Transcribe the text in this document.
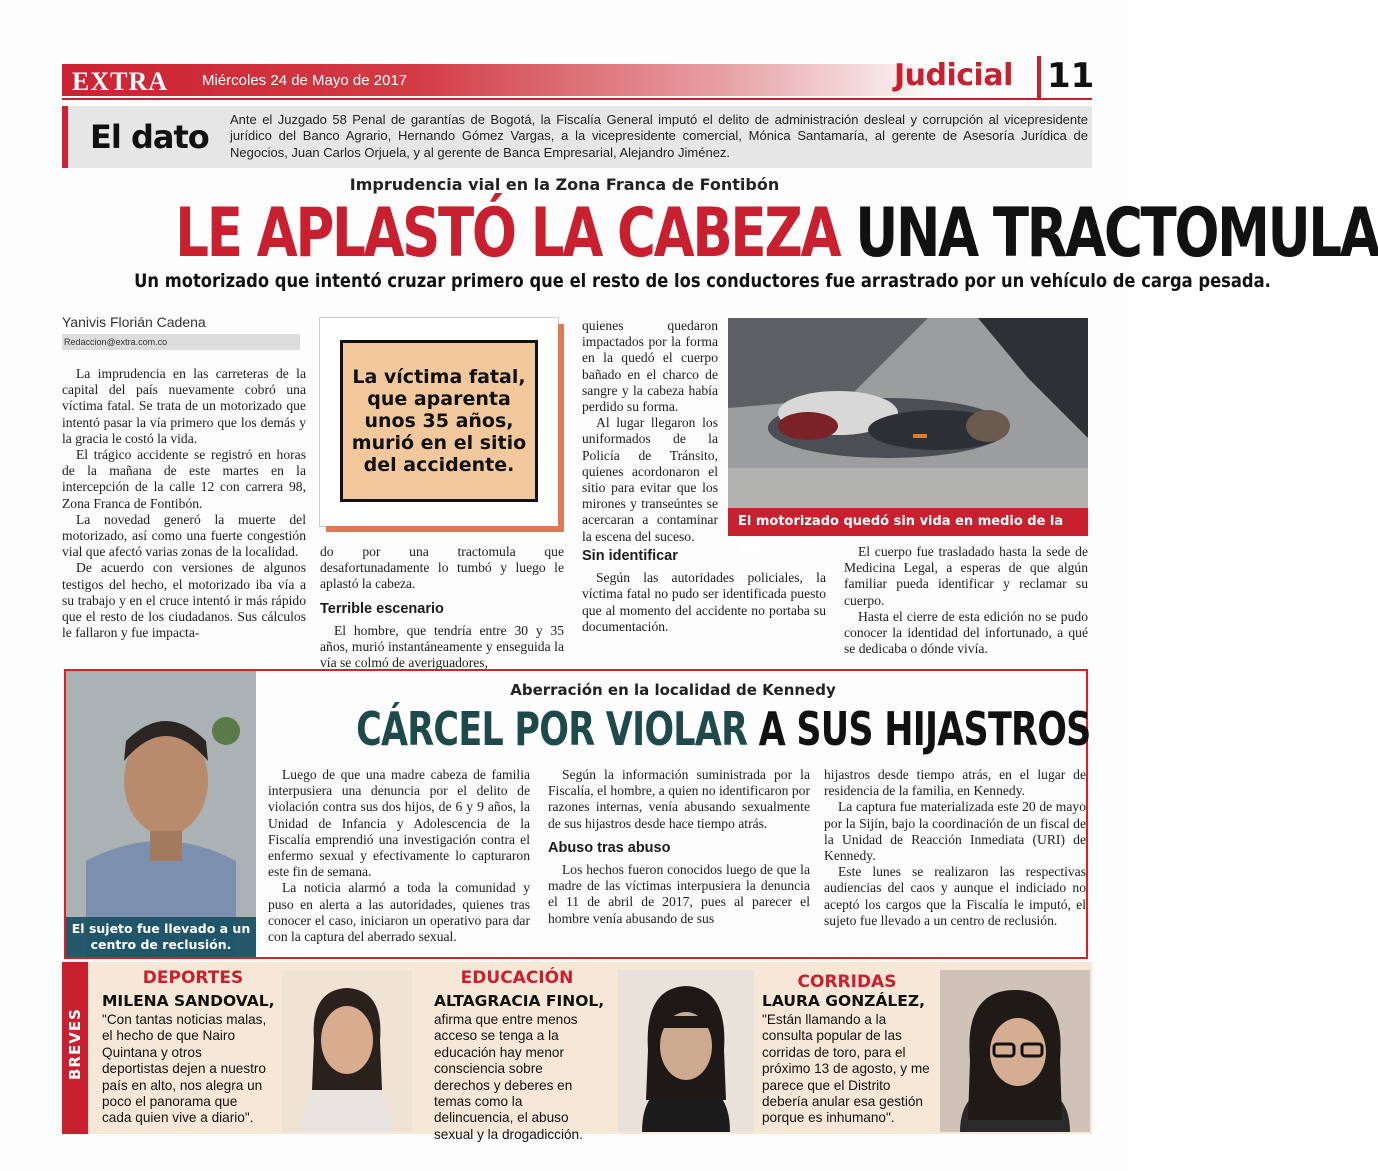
EXTRA Miércoles 24 de Mayo de 2017	Judicial 11
El dato Ante el Juzgado 58 Penal de garantías de Bogotá, la Fiscalía General imputó el delito de administración desleal y corrupción al vicepresidente jurídico del Banco Agrario, Hernando Gómez Vargas, a la vicepresidente comercial, Mónica Santamaría, al gerente de Asesoría Jurídica de Negocios, Juan Carlos Orjuela, y al gerente de Banca Empresarial, Alejandro Jiménez.

Imprudencia vial en la Zona Franca de Fontibón
LE APLASTÓ LA CABEZA UNA TRACTOMULA
Un motorizado que intentó cruzar primero que el resto de los conductores fue arrastrado por un vehículo de carga pesada.
Yanivis Florián Cadena
Redaccion@extra.com.co

La imprudencia en las carreteras de la capital del país nuevamente cobró una víctima fatal. Se trata de un motorizado que intentó pasar la vía primero que los demás y la gracia le costó la vida.

El trágico accidente se registró en horas de la mañana de este martes en la intercepción de la calle 12 con carrera 98, Zona Franca de Fontibón.

La novedad generó la muerte del motorizado, así como una fuerte congestión vial que afectó varias zonas de la localidad.

De acuerdo con versiones de algunos testigos del hecho, el motorizado iba vía a su trabajo y en el cruce intentó ir más rápido que el resto de los ciudadanos. Sus cálculos le fallaron y fue impacta-

La víctima fatal, que aparenta unos 35 años, murió en el sitio del accidente.

do por una tractomula que desafortunadamente lo tumbó y luego le aplastó la cabeza.

Terrible escenario

El hombre, que tendría entre 30 y 35 años, murió instantáneamente y enseguida la vía se colmó de averiguadores,

quienes quedaron impactados por la forma en la quedó el cuerpo bañado en el charco de sangre y la cabeza había perdido su forma.

Al lugar llegaron los uniformados de la Policía de Tránsito, quienes acordonaron el sitio para evitar que los mirones y transeúntes se acercaran a contaminar la escena del suceso.

Sin identificar

Según las autoridades policiales, la víctima fatal no pudo ser identificada puesto que al momento del accidente no portaba su documentación.

El motorizado quedó sin vida en medio de la vía.	El cuerpo fue trasladado hasta la sede de Medicina Legal, a esperas de que algún familiar pueda identificar y reclamar su cuerpo.

Hasta el cierre de esta edición no se pudo conocer la identidad del infortunado, a qué se dedicaba o dónde vivía.

El sujeto fue llevado a un centro de reclusión.
Aberración en la localidad de Kennedy
CÁRCEL POR VIOLAR A SUS HIJASTROS

Luego de que una madre cabeza de familia interpusiera una denuncia por el delito de violación contra sus dos hijos, de 6 y 9 años, la Unidad de Infancia y Adolescencia de la Fiscalía emprendió una investigación contra el enfermo sexual y efectivamente lo capturaron este fin de semana.

La noticia alarmó a toda la comunidad y puso en alerta a las autoridades, quienes tras conocer el caso, iniciaron un operativo para dar con la captura del aberrado sexual.

Según la información suministrada por la Fiscalía, el hombre, a quien no identificaron por razones internas, venía abusando sexualmente de sus hijastros desde hace tiempo atrás.

Abuso tras abuso

Los hechos fueron conocidos luego de que la madre de las víctimas interpusiera la denuncia el 11 de abril de 2017, pues al parecer el hombre venía abusando de sus

hijastros desde tiempo atrás, en el lugar de residencia de la familia, en Kennedy.

La captura fue materializada este 20 de mayo por la Sijín, bajo la coordinación de un fiscal de la Unidad de Reacción Inmediata (URI) de Kennedy.

Este lunes se realizaron las respectivas audiencias del caos y aunque el indiciado no aceptó los cargos que la Fiscalía le imputó, el sujeto fue llevado a un centro de reclusión.

BREVES
DEPORTES
MILENA SANDOVAL,
"Con tantas noticias malas, el hecho de que Nairo Quintana y otros deportistas dejen a nuestro país en alto, nos alegra un poco el panorama que cada quien vive a diario".
EDUCACIÓN
ALTAGRACIA FINOL,
afirma que entre menos acceso se tenga a la educación hay menor consciencia sobre derechos y deberes en temas como la delincuencia, el abuso sexual y la drogadicción.
CORRIDAS
LAURA GONZÁLEZ,
"Están llamando a la consulta popular de las corridas de toro, para el próximo 13 de agosto, y me parece que el Distrito debería anular esa gestión porque es inhumano".
